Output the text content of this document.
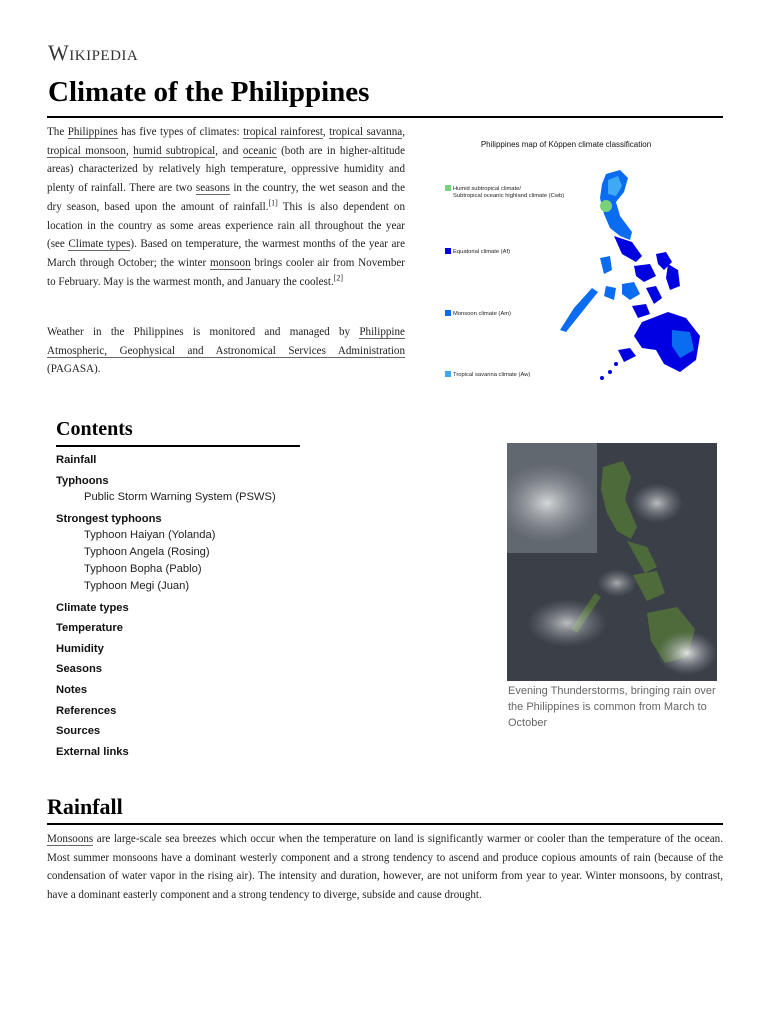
Wikipedia
Climate of the Philippines
The Philippines has five types of climates: tropical rainforest, tropical savanna, tropical monsoon, humid subtropical, and oceanic (both are in higher-altitude areas) characterized by relatively high temperature, oppressive humidity and plenty of rainfall. There are two seasons in the country, the wet season and the dry season, based upon the amount of rainfall.[1] This is also dependent on location in the country as some areas experience rain all throughout the year (see Climate types). Based on temperature, the warmest months of the year are March through October; the winter monsoon brings cooler air from November to February. May is the warmest month, and January the coolest.[2]
Weather in the Philippines is monitored and managed by Philippine Atmospheric, Geophysical and Astronomical Services Administration (PAGASA).
Philippines map of Köppen climate classification
Humid subtropical climate/
Subtropical oceanic highland climate (Cwb)
Equatorial climate (Af)
Monsoon climate (Am)
Tropical savanna climate (Aw)
Contents
Rainfall
Typhoons
Public Storm Warning System (PSWS)
Strongest typhoons
Typhoon Haiyan (Yolanda)
Typhoon Angela (Rosing)
Typhoon Bopha (Pablo)
Typhoon Megi (Juan)
Climate types
Temperature
Humidity
Seasons
Notes
References
Sources
External links
Evening Thunderstorms, bringing rain over the Philippines is common from March to October
Rainfall
Monsoons are large-scale sea breezes which occur when the temperature on land is significantly warmer or cooler than the temperature of the ocean. Most summer monsoons have a dominant westerly component and a strong tendency to ascend and produce copious amounts of rain (because of the condensation of water vapor in the rising air). The intensity and duration, however, are not uniform from year to year. Winter monsoons, by contrast, have a dominant easterly component and a strong tendency to diverge, subside and cause drought.
